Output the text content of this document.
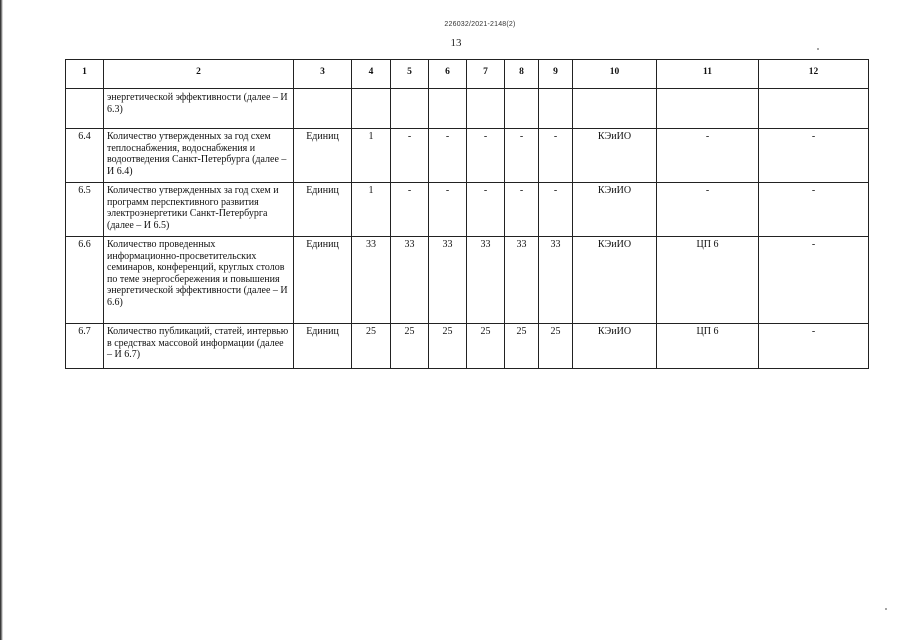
226032/2021-2148(2)
13
1	2	3	4	5	6	7	8	9	10	11	12
	энергетической эффективности (далее – И 6.3)										
6.4	Количество утвержденных за год схем теплоснабжения, водоснабжения и водоотведения Санкт-Петербурга (далее – И 6.4)	Единиц	1	-	-	-	-	-	КЭиИО	-	-
6.5	Количество утвержденных за год схем и программ перспективного развития электроэнергетики Санкт-Петербурга (далее – И 6.5)	Единиц	1	-	-	-	-	-	КЭиИО	-	-
6.6	Количество проведенных информационно-просветительских семинаров, конференций, круглых столов по теме энергосбережения и повышения энергетической эффективности (далее – И 6.6)	Единиц	33	33	33	33	33	33	КЭиИО	ЦП 6	-
6.7	Количество публикаций, статей, интервью в средствах массовой информации (далее – И 6.7)	Единиц	25	25	25	25	25	25	КЭиИО	ЦП 6	-
